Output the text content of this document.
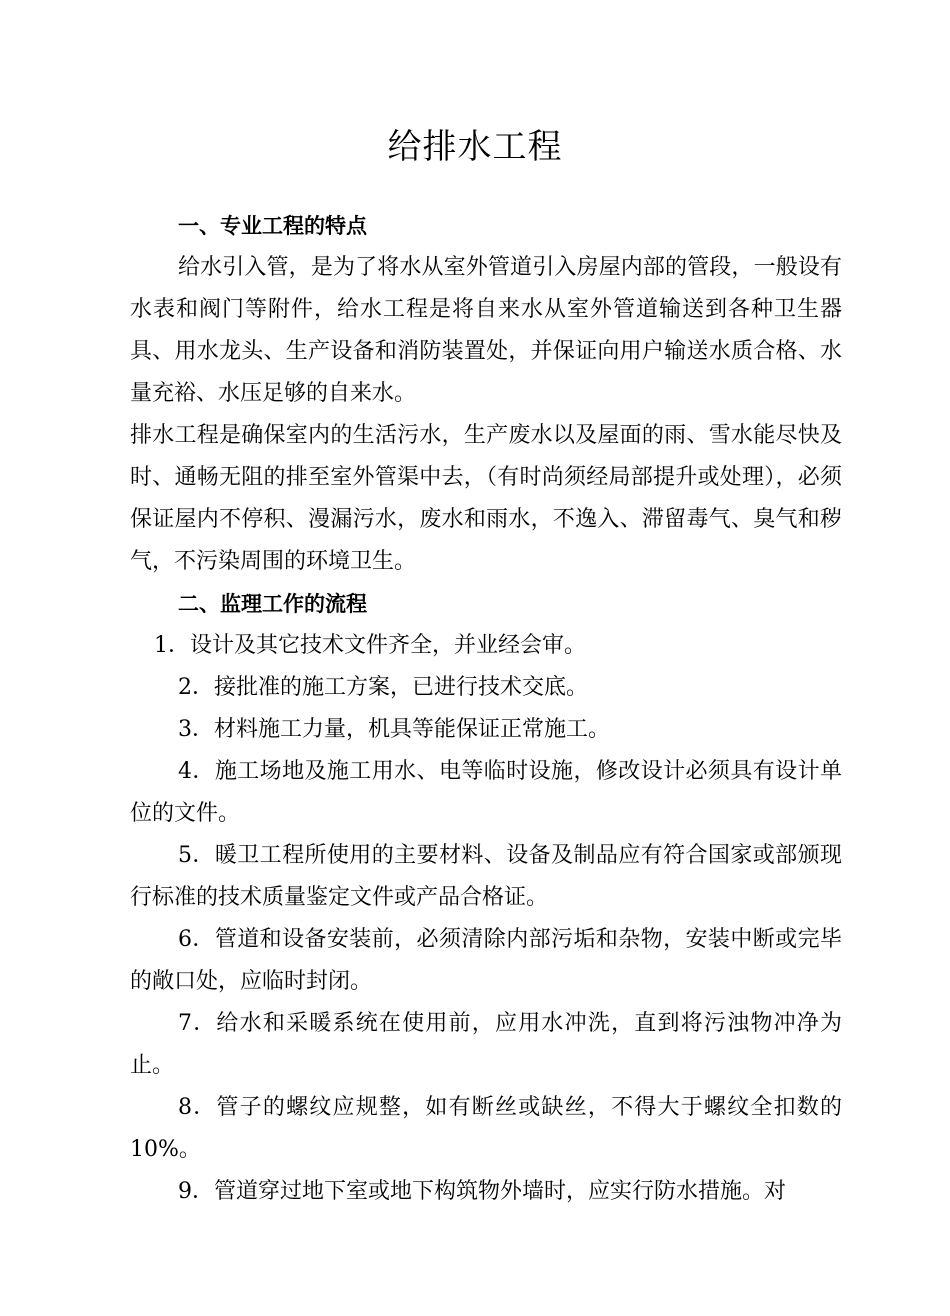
给排水工程
一、专业工程的特点
给水引入管，是为了将水从室外管道引入房屋内部的管段，一般设有水表和阀门等附件，给水工程是将自来水从室外管道输送到各种卫生器具、用水龙头、生产设备和消防装置处，并保证向用户输送水质合格、水量充裕、水压足够的自来水。
排水工程是确保室内的生活污水，生产废水以及屋面的雨、雪水能尽快及时、通畅无阻的排至室外管渠中去，（有时尚须经局部提升或处理），必须保证屋内不停积、漫漏污水，废水和雨水，不逸入、滞留毒气、臭气和秽气，不污染周围的环境卫生。
二、监理工作的流程
1．设计及其它技术文件齐全，并业经会审。
2．接批准的施工方案，已进行技术交底。
3．材料施工力量，机具等能保证正常施工。
4．施工场地及施工用水、电等临时设施，修改设计必须具有设计单位的文件。
5．暖卫工程所使用的主要材料、设备及制品应有符合国家或部颁现行标准的技术质量鉴定文件或产品合格证。
6．管道和设备安装前，必须清除内部污垢和杂物，安装中断或完毕的敞口处，应临时封闭。
7．给水和采暖系统在使用前，应用水冲洗，直到将污浊物冲净为止。
8．管子的螺纹应规整，如有断丝或缺丝，不得大于螺纹全扣数的10%。
9．管道穿过地下室或地下构筑物外墙时，应实行防水措施。对
